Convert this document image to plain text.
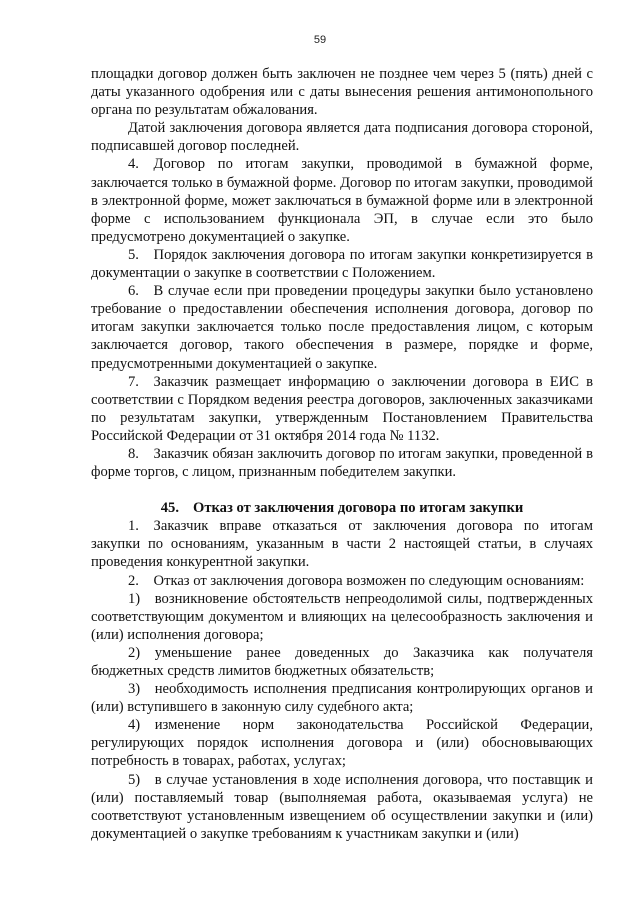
59

площадки договор должен быть заключен не позднее чем через 5 (пять) дней с даты указанного одобрения или с даты вынесения решения антимонопольного органа по результатам обжалования.

Датой заключения договора является дата подписания договора стороной, подписавшей договор последней.

4. Договор по итогам закупки, проводимой в бумажной форме, заключается только в бумажной форме. Договор по итогам закупки, проводимой в электронной форме, может заключаться в бумажной форме или в электронной форме с использованием функционала ЭП, в случае если это было предусмотрено документацией о закупке.

5. Порядок заключения договора по итогам закупки конкретизируется в документации о закупке в соответствии с Положением.

6. В случае если при проведении процедуры закупки было установлено требование о предоставлении обеспечения исполнения договора, договор по итогам закупки заключается только после предоставления лицом, с которым заключается договор, такого обеспечения в размере, порядке и форме, предусмотренными документацией о закупке.

7. Заказчик размещает информацию о заключении договора в ЕИС в соответствии с Порядком ведения реестра договоров, заключенных заказчиками по результатам закупки, утвержденным Постановлением Правительства Российской Федерации от 31 октября 2014 года № 1132.

8. Заказчик обязан заключить договор по итогам закупки, проведенной в форме торгов, с лицом, признанным победителем закупки.

45. Отказ от заключения договора по итогам закупки

1. Заказчик вправе отказаться от заключения договора по итогам закупки по основаниям, указанным в части 2 настоящей статьи, в случаях проведения конкурентной закупки.

2. Отказ от заключения договора возможен по следующим основаниям:

1) возникновение обстоятельств непреодолимой силы, подтвержденных соответствующим документом и влияющих на целесообразность заключения и (или) исполнения договора;

2) уменьшение ранее доведенных до Заказчика как получателя бюджетных средств лимитов бюджетных обязательств;

3) необходимость исполнения предписания контролирующих органов и (или) вступившего в законную силу судебного акта;

4) изменение норм законодательства Российской Федерации, регулирующих порядок исполнения договора и (или) обосновывающих потребность в товарах, работах, услугах;

5) в случае установления в ходе исполнения договора, что поставщик и (или) поставляемый товар (выполняемая работа, оказываемая услуга) не соответствуют установленным извещением об осуществлении закупки и (или) документацией о закупке требованиям к участникам закупки и (или)
